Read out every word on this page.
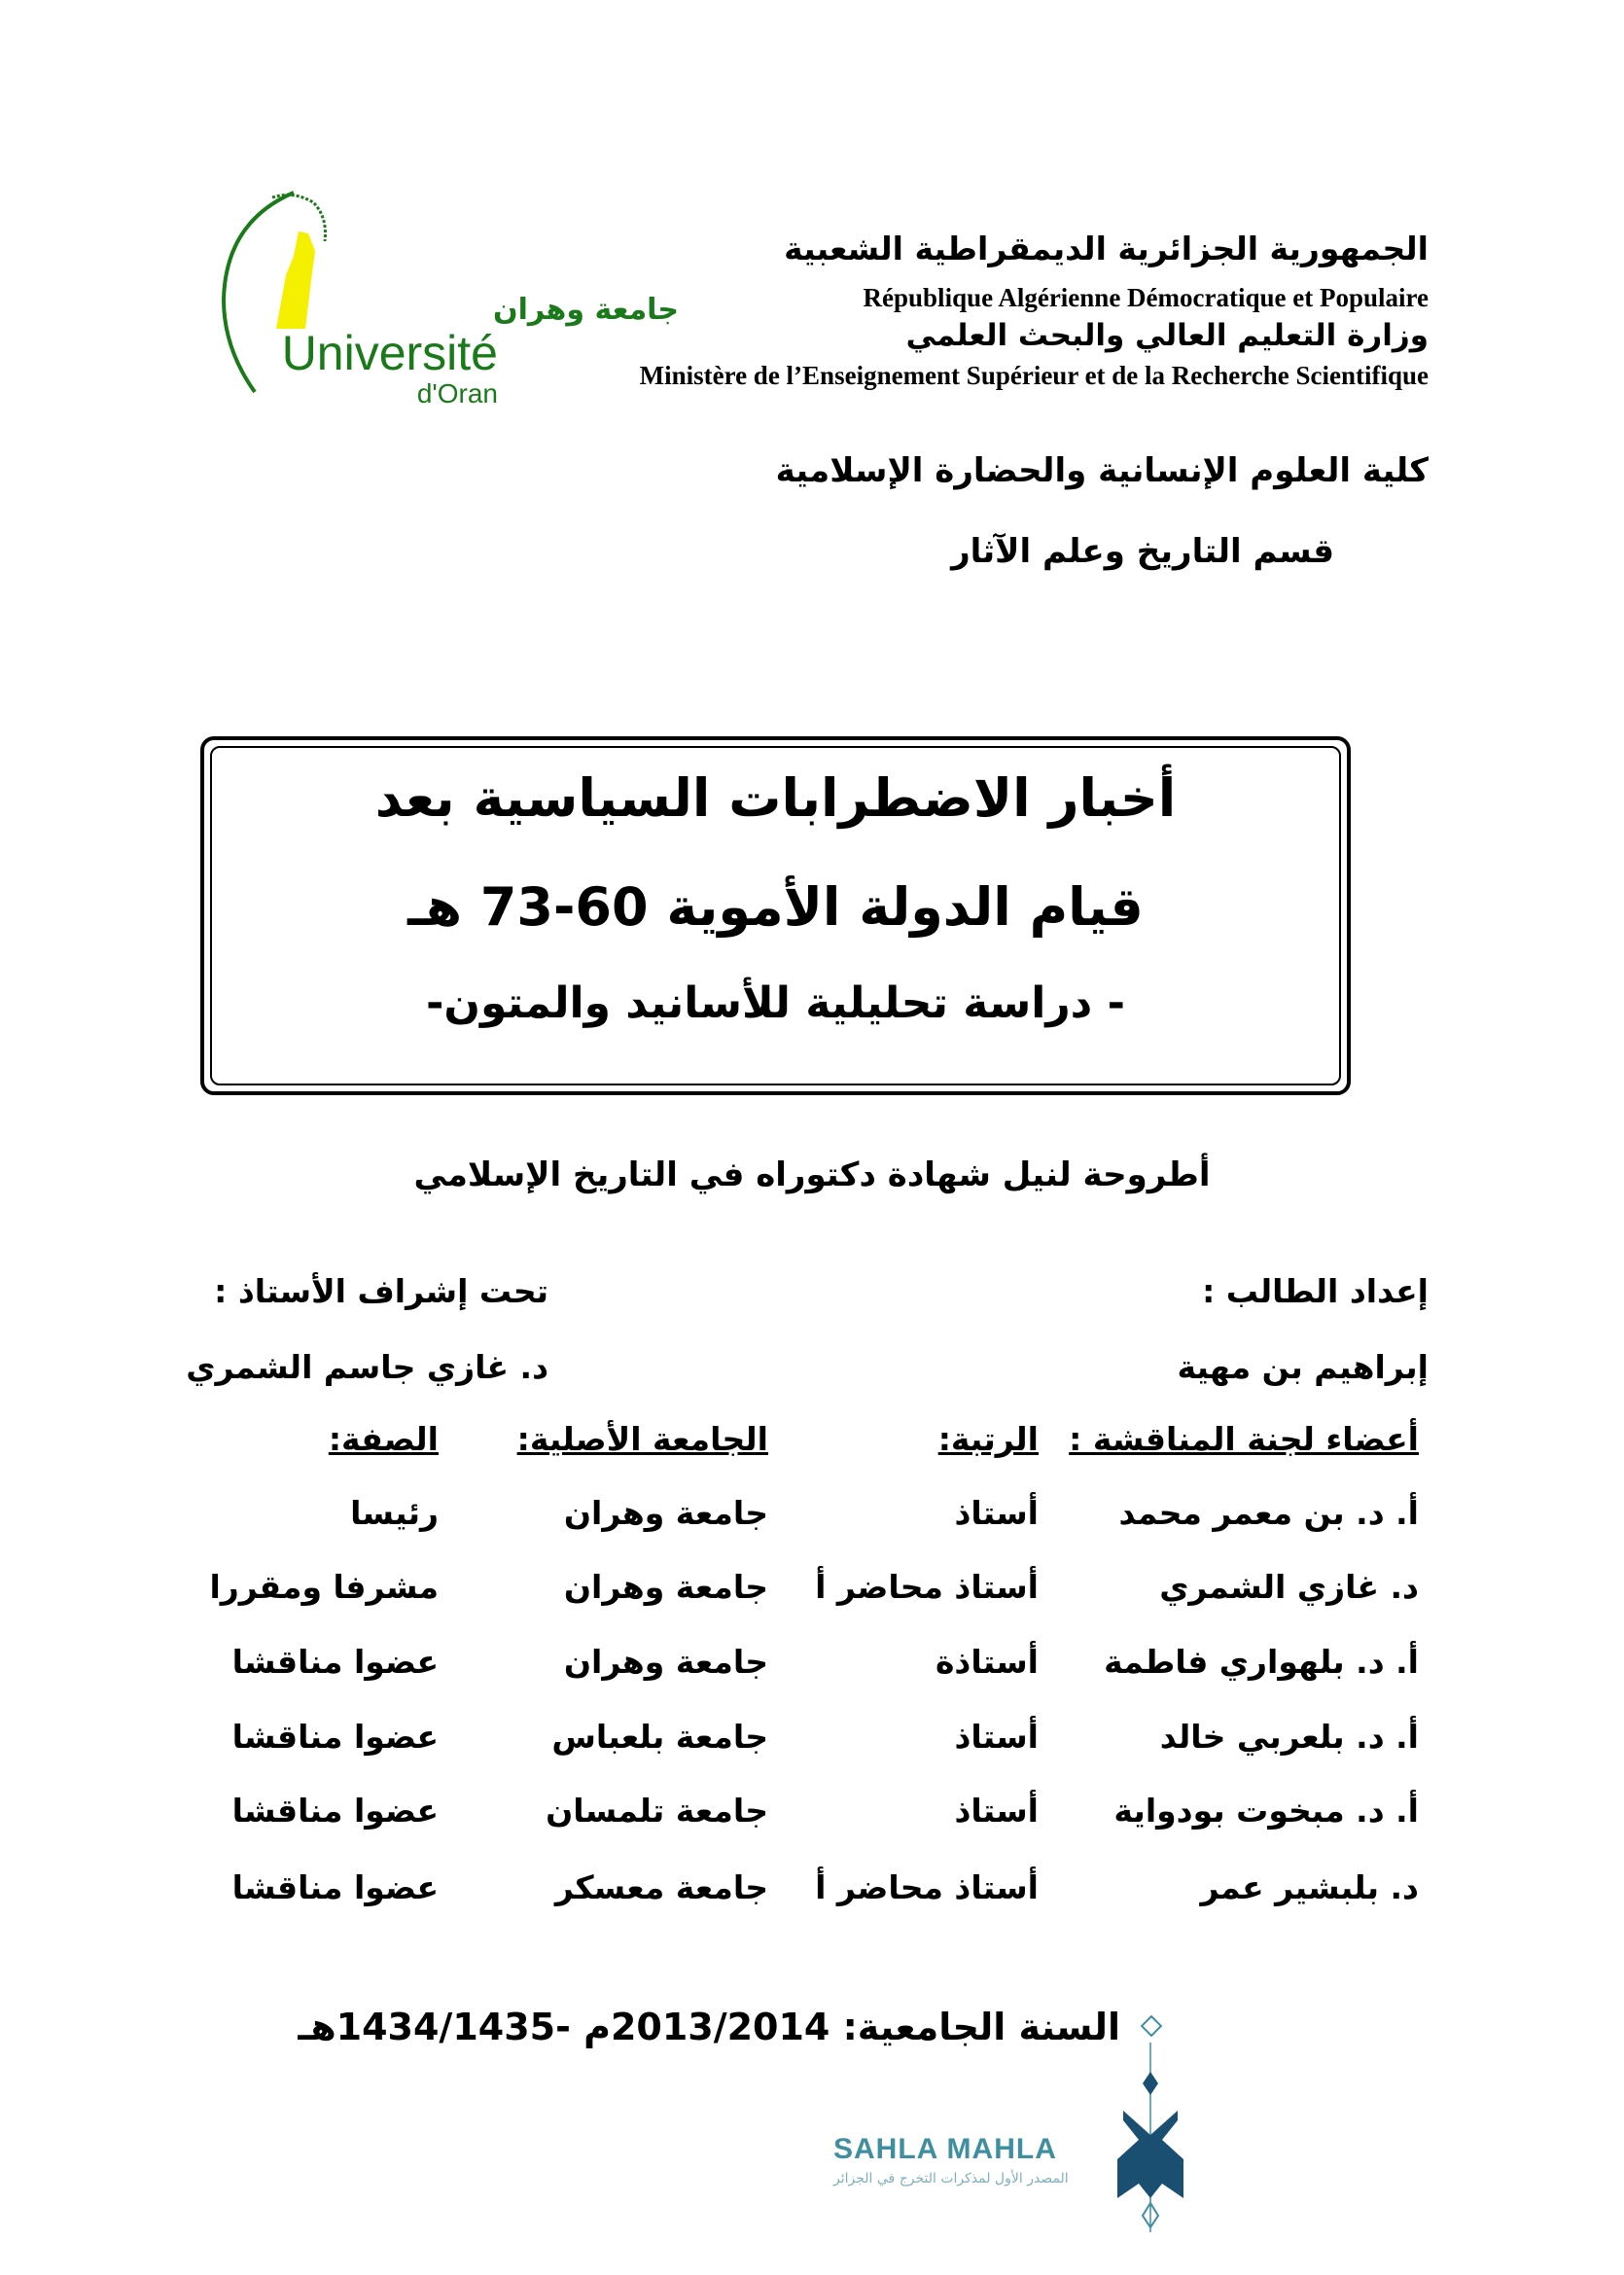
جامعة وهران
Université
d'Oran
الجمهورية الجزائرية الديمقراطية الشعبية
République Algérienne Démocratique et Populaire
وزارة التعليم العالي والبحث العلمي
Ministère de l’Enseignement Supérieur et de la Recherche Scientifique
كلية العلوم الإنسانية والحضارة الإسلامية
قسم التاريخ وعلم الآثار
أخبار الاضطرابات السياسية بعد
قيام الدولة الأموية 60-73 هـ
- دراسة تحليلية للأسانيد والمتون-
أطروحة لنيل شهادة دكتوراه في التاريخ الإسلامي
إعداد الطالب :
تحت إشراف الأستاذ :
إبراهيم بن مهية
د. غازي جاسم الشمري
أعضاء لجنة المناقشة :
الرتبة:
الجامعة الأصلية:
الصفة:
أ. د. بن معمر محمد
أستاذ
جامعة وهران
رئيسا
د. غازي الشمري
أستاذ محاضر أ
جامعة وهران
مشرفا ومقررا
أ. د. بلهواري فاطمة
أستاذة
جامعة وهران
عضوا مناقشا
أ. د. بلعربي خالد
أستاذ
جامعة بلعباس
عضوا مناقشا
أ. د. مبخوت بودواية
أستاذ
جامعة تلمسان
عضوا مناقشا
د. بلبشير عمر
أستاذ محاضر أ
جامعة معسكر
عضوا مناقشا
السنة الجامعية: 2013/2014م -1434/1435هـ
SAHLA MAHLA
المصدر الأول لمذكرات التخرج في الجزائر
